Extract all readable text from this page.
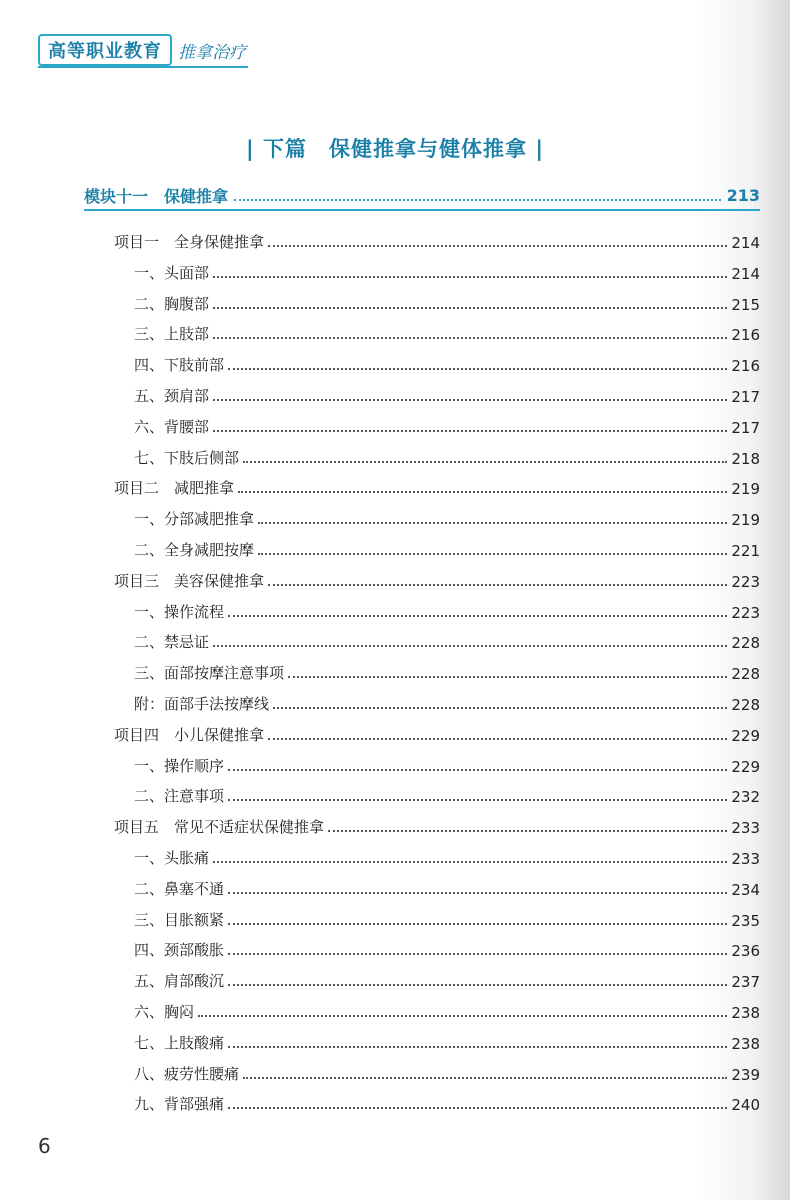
高等职业教育 推拿治疗
| 下篇　保健推拿与健体推拿 |
模块十一　保健推拿	213
项目一　全身保健推拿	214
一、头面部	214
二、胸腹部	215
三、上肢部	216
四、下肢前部	216
五、颈肩部	217
六、背腰部	217
七、下肢后侧部	218
项目二　减肥推拿	219
一、分部减肥推拿	219
二、全身减肥按摩	221
项目三　美容保健推拿	223
一、操作流程	223
二、禁忌证	228
三、面部按摩注意事项	228
附：面部手法按摩线	228
项目四　小儿保健推拿	229
一、操作顺序	229
二、注意事项	232
项目五　常见不适症状保健推拿	233
一、头胀痛	233
二、鼻塞不通	234
三、目胀额紧	235
四、颈部酸胀	236
五、肩部酸沉	237
六、胸闷	238
七、上肢酸痛	238
八、疲劳性腰痛	239
九、背部强痛	240
6
